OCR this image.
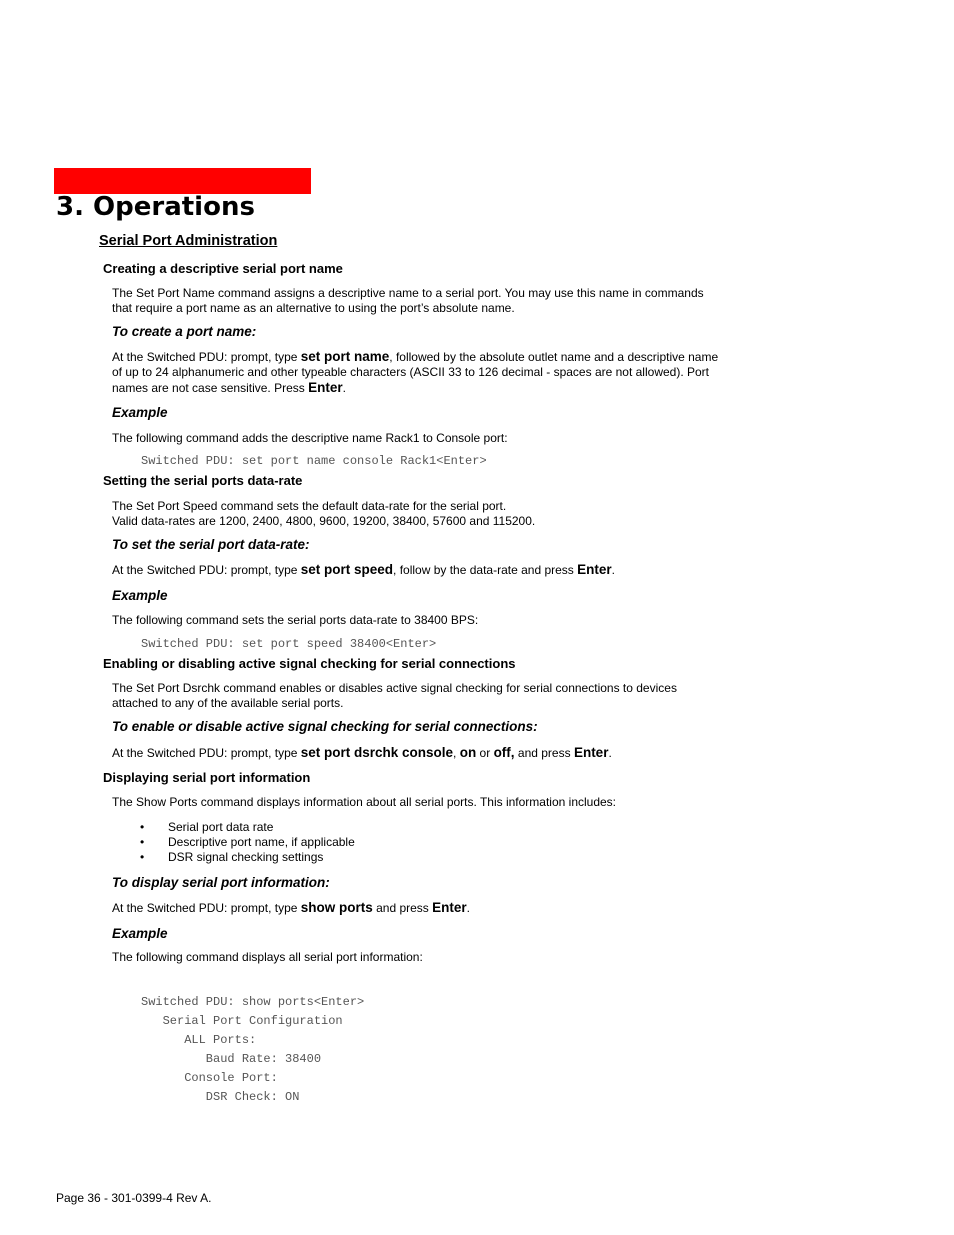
3. Operations
Serial Port Administration
Creating a descriptive serial port name
The Set Port Name command assigns a descriptive name to a serial port. You may use this name in commands that require a port name as an alternative to using the port’s absolute name.
To create a port name:
At the Switched PDU: prompt, type set port name, followed by the absolute outlet name and a descriptive name of up to 24 alphanumeric and other typeable characters (ASCII 33 to 126 decimal - spaces are not allowed). Port names are not case sensitive. Press Enter.
Example
The following command adds the descriptive name Rack1 to Console port:
Switched PDU: set port name console Rack1<Enter>
Setting the serial ports data-rate
The Set Port Speed command sets the default data-rate for the serial port.
Valid data-rates are 1200, 2400, 4800, 9600, 19200, 38400, 57600 and 115200.
To set the serial port data-rate:
At the Switched PDU: prompt, type set port speed, follow by the data-rate and press Enter.
Example
The following command sets the serial ports data-rate to 38400 BPS:
Switched PDU: set port speed 38400<Enter>
Enabling or disabling active signal checking for serial connections
The Set Port Dsrchk command enables or disables active signal checking for serial connections to devices attached to any of the available serial ports.
To enable or disable active signal checking for serial connections:
At the Switched PDU: prompt, type set port dsrchk console, on or off, and press Enter.
Displaying serial port information
The Show Ports command displays information about all serial ports. This information includes:
• Serial port data rate
• Descriptive port name, if applicable
• DSR signal checking settings
To display serial port information:
At the Switched PDU: prompt, type show ports and press Enter.
Example
The following command displays all serial port information:

Switched PDU: show ports<Enter>
Serial Port Configuration
ALL Ports:
Baud Rate: 38400
Console Port:
DSR Check: ON
Page 36 - 301-0399-4 Rev A.
